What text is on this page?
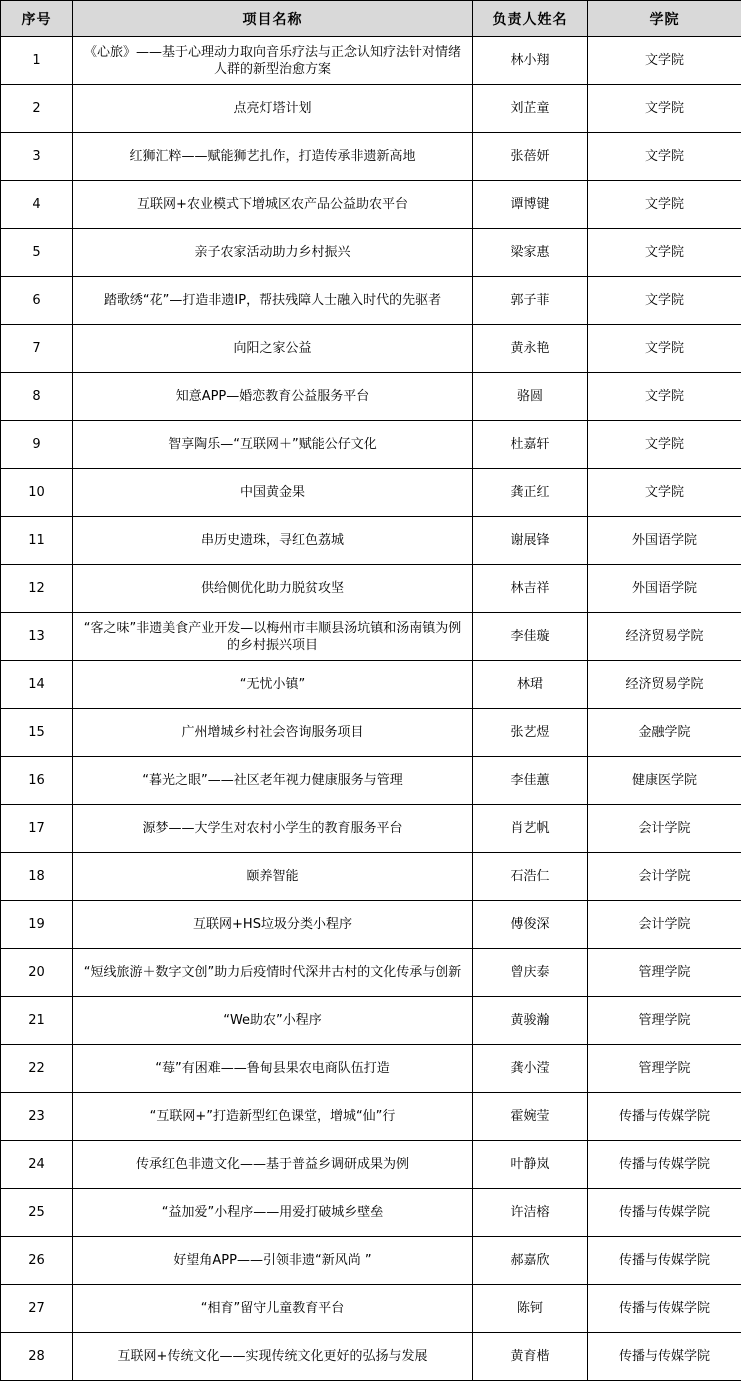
序号	项目名称	负责人姓名	学院
1	《心旅》——基于心理动力取向音乐疗法与正念认知疗法针对情绪人群的新型治愈方案	林小翔	文学院
2	点亮灯塔计划	刘芷童	文学院
3	红狮汇粹——赋能狮艺扎作，打造传承非遗新高地	张蓓妍	文学院
4	互联网+农业模式下增城区农产品公益助农平台	谭博键	文学院
5	亲子农家活动助力乡村振兴	梁家惠	文学院
6	踏歌绣“花”—打造非遗IP，帮扶残障人士融入时代的先驱者	郭子菲	文学院
7	向阳之家公益	黄永艳	文学院
8	知意APP—婚恋教育公益服务平台	骆圆	文学院
9	智享陶乐—“互联网＋”赋能公仔文化	杜嘉轩	文学院
10	中国黄金果	龚正红	文学院
11	串历史遗珠，寻红色荔城	谢展锋	外国语学院
12	供给侧优化助力脱贫攻坚	林吉祥	外国语学院
13	“客之味”非遗美食产业开发—以梅州市丰顺县汤坑镇和汤南镇为例的乡村振兴项目	李佳璇	经济贸易学院
14	“无忧小镇”	林珺	经济贸易学院
15	广州增城乡村社会咨询服务项目	张艺煜	金融学院
16	“暮光之眼”——社区老年视力健康服务与管理	李佳蕙	健康医学院
17	源梦——大学生对农村小学生的教育服务平台	肖艺帆	会计学院
18	颐养智能	石浩仁	会计学院
19	互联网+HS垃圾分类小程序	傅俊深	会计学院
20	“短线旅游＋数字文创”助力后疫情时代深井古村的文化传承与创新	曾庆泰	管理学院
21	“We助农”小程序	黄骏瀚	管理学院
22	“莓”有困难——鲁甸县果农电商队伍打造	龚小滢	管理学院
23	“互联网+”打造新型红色课堂，增城“仙”行	霍婉莹	传播与传媒学院
24	传承红色非遗文化——基于普益乡调研成果为例	叶静岚	传播与传媒学院
25	“益加爱”小程序——用爱打破城乡壁垒	许洁榕	传播与传媒学院
26	好望角APP——引领非遗“新风尚 ”	郝嘉欣	传播与传媒学院
27	“相育”留守儿童教育平台	陈钶	传播与传媒学院
28	互联网+传统文化——实现传统文化更好的弘扬与发展	黄育楷	传播与传媒学院
